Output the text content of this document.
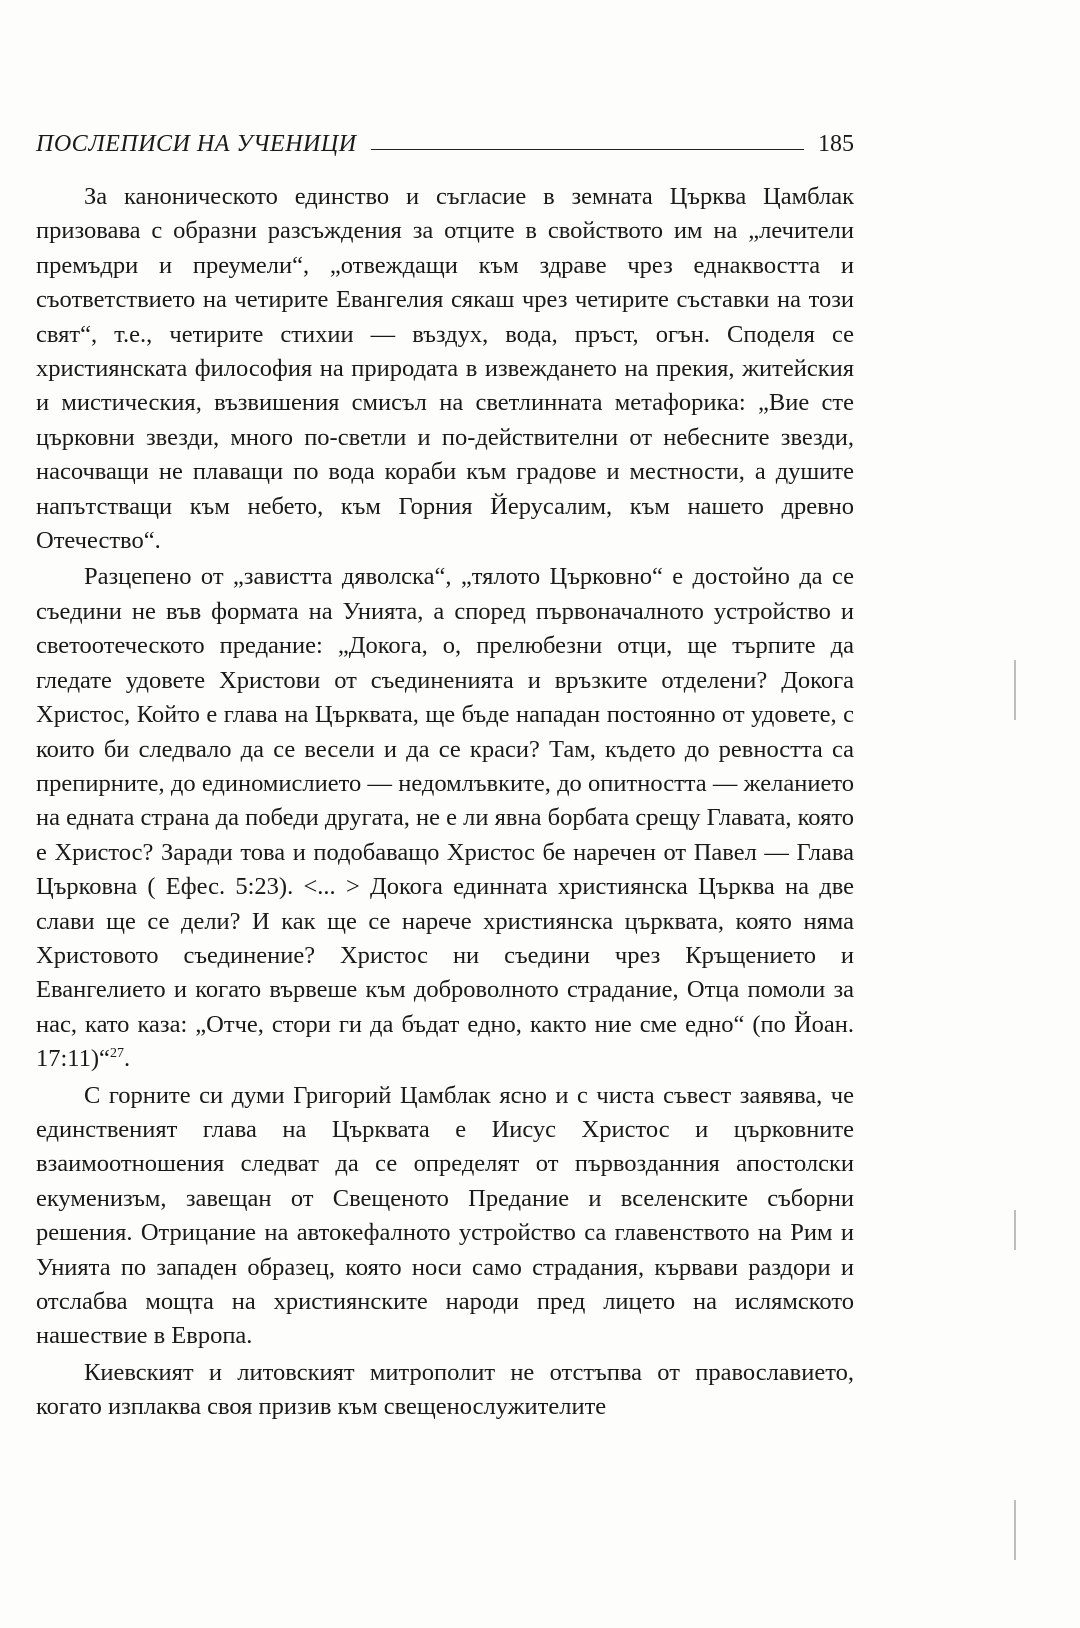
ПОСЛЕПИСИ НА УЧЕНИЦИ	185

За каноническото единство и съгласие в земната Църква Цамблак призовава с образни разсъждения за отците в свойството им на „лечители премъдри и преумели“, „отвеждащи към здраве чрез еднаквостта и съответствието на четирите Евангелия сякаш чрез четирите съставки на този свят“, т.е., четирите стихии — въздух, вода, пръст, огън. Споделя се християнската философия на природата в извеждането на прекия, житейския и мистическия, възвишения смисъл на светлинната метафорика: „Вие сте църковни звезди, много по-светли и по-действителни от небесните звезди, насочващи не плаващи по вода кораби към градове и местности, а душите напътстващи към небето, към Горния Йерусалим, към нашето древно Отечество“.

Разцепено от „завистта дяволска“, „тялото Църковно“ е достойно да се съедини не във формата на Унията, а според първоначалното устройство и светоотеческото предание: „Докога, о, прелюбезни отци, ще търпите да гледате удовете Христови от съединенията и връзките отделени? Докога Христос, Който е глава на Църквата, ще бъде нападан постоянно от удовете, с които би следвало да се весели и да се краси? Там, където до ревността са препирните, до единомислието — недомлъвките, до опитността — желанието на едната страна да победи другата, не е ли явна борбата срещу Главата, която е Христос? Заради това и подобаващо Христос бе наречен от Павел — Глава Църковна ( Ефес. 5:23). <... > Докога единната християнска Църква на две слави ще се дели? И как ще се нарече християнска църквата, която няма Христовото съединение? Христос ни съедини чрез Кръщението и Евангелието и когато вървеше към доброволното страдание, Отца помоли за нас, като каза: „Отче, стори ги да бъдат едно, както ние сме едно“ (по Йоан. 17:11)“$^{27}$.

С горните си думи Григорий Цамблак ясно и с чиста съвест заявява, че единственият глава на Църквата е Иисус Христос и църковните взаимоотношения следват да се определят от първозданния апостолски екуменизъм, завещан от Свещеното Предание и вселенските съборни решения. Отрицание на автокефалното устройство са главенството на Рим и Унията по западен образец, която носи само страдания, кървави раздори и отслабва мощта на християнските народи пред лицето на ислямското нашествие в Европа.

Киевският и литовският митрополит не отстъпва от православието, когато изплаква своя призив към свещенослужителите
